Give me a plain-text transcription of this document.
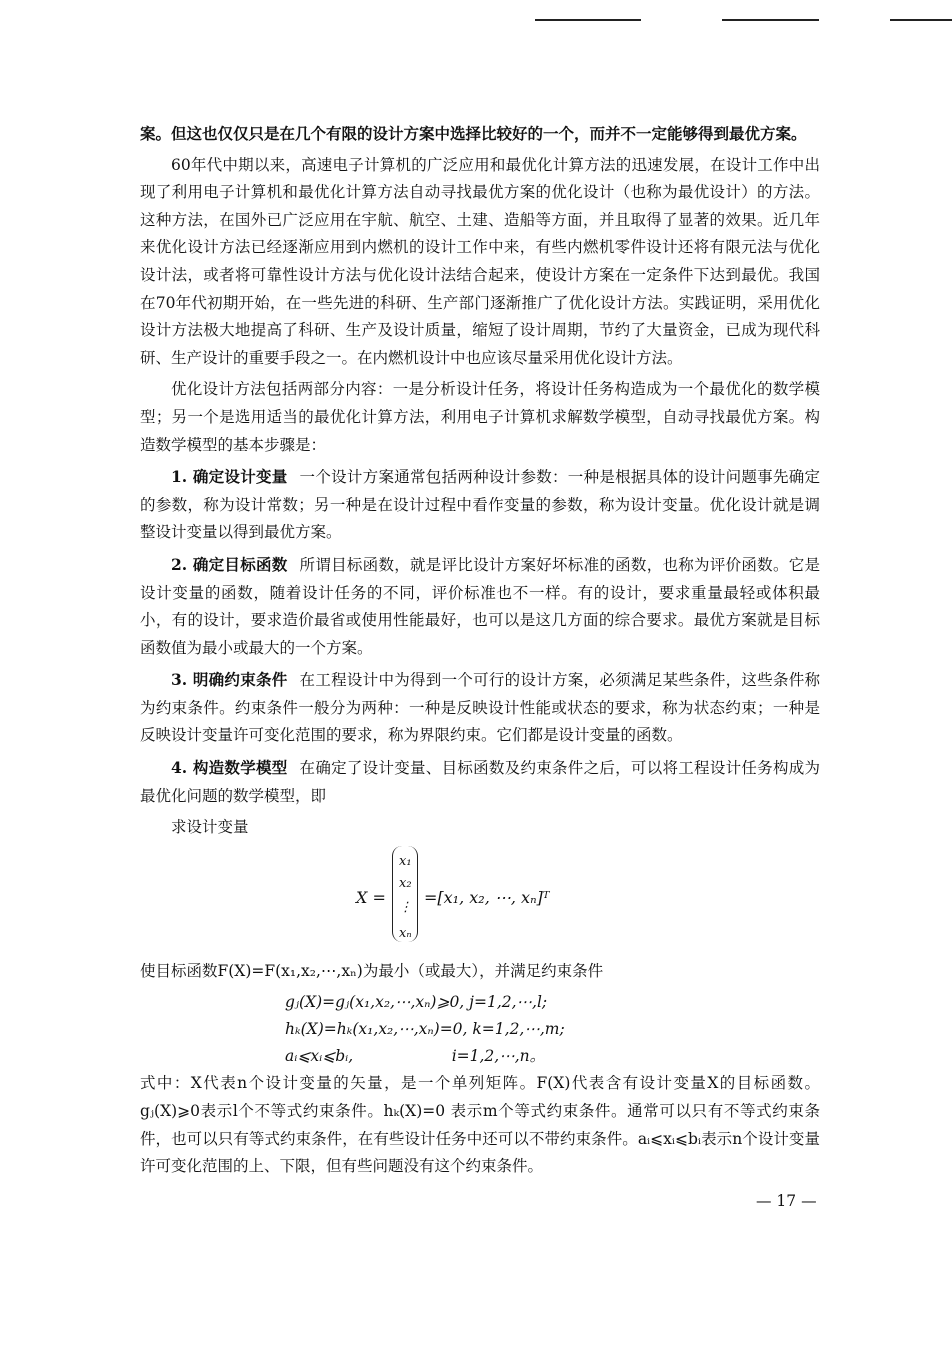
案。但这也仅仅只是在几个有限的设计方案中选择比较好的一个，而并不一定能够得到最优方案。

60年代中期以来，高速电子计算机的广泛应用和最优化计算方法的迅速发展，在设计工作中出现了利用电子计算机和最优化计算方法自动寻找最优方案的优化设计（也称为最优设计）的方法。这种方法，在国外已广泛应用在宇航、航空、土建、造船等方面，并且取得了显著的效果。近几年来优化设计方法已经逐渐应用到内燃机的设计工作中来，有些内燃机零件设计还将有限元法与优化设计法，或者将可靠性设计方法与优化设计法结合起来，使设计方案在一定条件下达到最优。我国在70年代初期开始，在一些先进的科研、生产部门逐渐推广了优化设计方法。实践证明，采用优化设计方法极大地提高了科研、生产及设计质量，缩短了设计周期，节约了大量资金，已成为现代科研、生产设计的重要手段之一。在内燃机设计中也应该尽量采用优化设计方法。

优化设计方法包括两部分内容：一是分析设计任务，将设计任务构造成为一个最优化的数学模型；另一个是选用适当的最优化计算方法，利用电子计算机求解数学模型，自动寻找最优方案。构造数学模型的基本步骤是：

1. 确定设计变量 一个设计方案通常包括两种设计参数：一种是根据具体的设计问题事先确定的参数，称为设计常数；另一种是在设计过程中看作变量的参数，称为设计变量。优化设计就是调整设计变量以得到最优方案。

2. 确定目标函数 所谓目标函数，就是评比设计方案好坏标准的函数，也称为评价函数。它是设计变量的函数，随着设计任务的不同，评价标准也不一样。有的设计，要求重量最轻或体积最小，有的设计，要求造价最省或使用性能最好，也可以是这几方面的综合要求。最优方案就是目标函数值为最小或最大的一个方案。

3. 明确约束条件 在工程设计中为得到一个可行的设计方案，必须满足某些条件，这些条件称为约束条件。约束条件一般分为两种：一种是反映设计性能或状态的要求，称为状态约束；一种是反映设计变量许可变化范围的要求，称为界限约束。它们都是设计变量的函数。

4. 构造数学模型 在确定了设计变量、目标函数及约束条件之后，可以将工程设计任务构成为最优化问题的数学模型，即

求设计变量

X =
x₁
x₂
⋮
xₙ
=[x₁, x₂, ⋯, xₙ]ᵀ

使目标函数F(X)=F(x₁,x₂,⋯,xₙ)为最小（或最大），并满足约束条件

gⱼ(X)=gⱼ(x₁,x₂,⋯,xₙ)⩾0, j=1,2,⋯,l;
hₖ(X)=hₖ(x₁,x₂,⋯,xₙ)=0, k=1,2,⋯,m;
aᵢ⩽xᵢ⩽bᵢ,                    i=1,2,⋯,n。

式中：X代表n个设计变量的矢量，是一个单列矩阵。F(X)代表含有设计变量X的目标函数。gⱼ(X)⩾0表示l个不等式约束条件。hₖ(X)=0 表示m个等式约束条件。通常可以只有不等式约束条件，也可以只有等式约束条件，在有些设计任务中还可以不带约束条件。aᵢ⩽xᵢ⩽bᵢ表示n个设计变量许可变化范围的上、下限，但有些问题没有这个约束条件。

— 17 —
